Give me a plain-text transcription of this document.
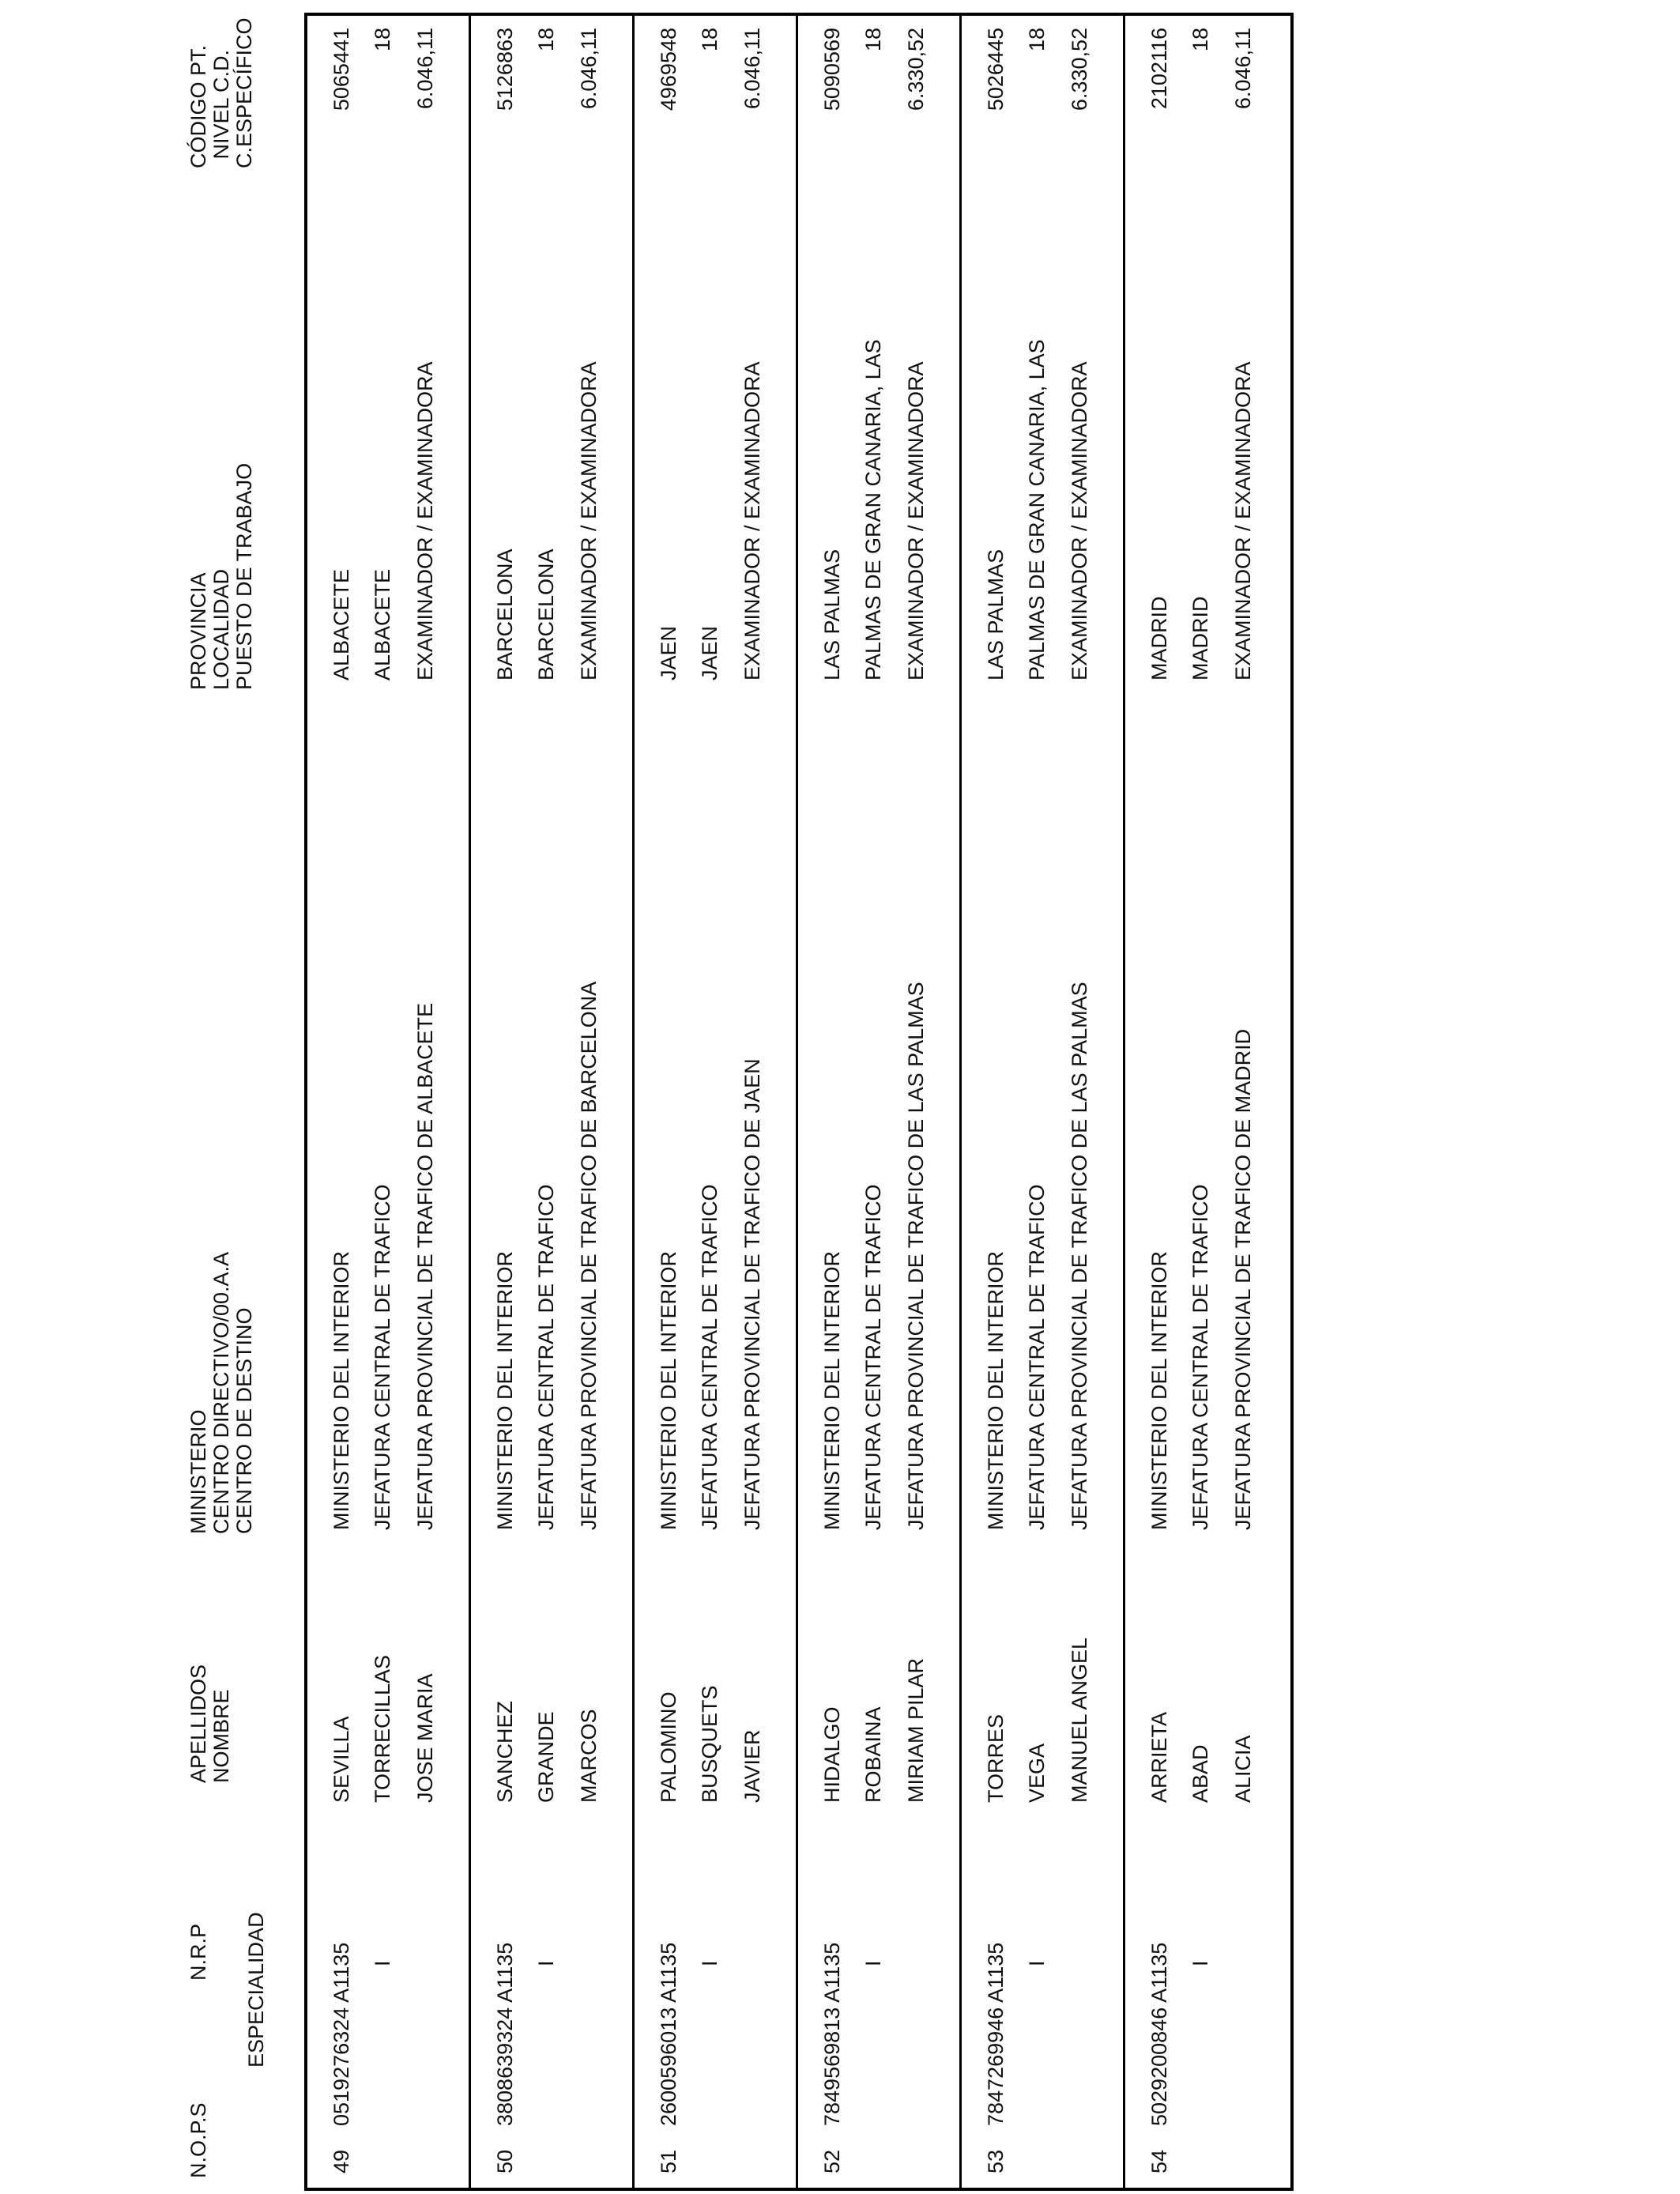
N.O.P.S
N.R.P ESPECIALIDAD
APELLIDOS NOMBRE
MINISTERIO CENTRO DIRECTIVO/00.A.A CENTRO DE DESTINO
PROVINCIA LOCALIDAD PUESTO DE TRABAJO
CÓDIGO PT. NIVEL C.D. C.ESPECÍFICO
49
0519276324 A1135 I
SEVILLA TORRECILLAS JOSE MARIA
MINISTERIO DEL INTERIOR JEFATURA CENTRAL DE TRAFICO JEFATURA PROVINCIAL DE TRAFICO DE ALBACETE
ALBACETE ALBACETE EXAMINADOR / EXAMINADORA
5065441 18 6.046,11
50
3808639324 A1135 I
SANCHEZ GRANDE MARCOS
MINISTERIO DEL INTERIOR JEFATURA CENTRAL DE TRAFICO JEFATURA PROVINCIAL DE TRAFICO DE BARCELONA
BARCELONA BARCELONA EXAMINADOR / EXAMINADORA
5126863 18 6.046,11
51
2600596013 A1135 I
PALOMINO BUSQUETS JAVIER
MINISTERIO DEL INTERIOR JEFATURA CENTRAL DE TRAFICO JEFATURA PROVINCIAL DE TRAFICO DE JAEN
JAEN JAEN EXAMINADOR / EXAMINADORA
4969548 18 6.046,11
52
7849569813 A1135 I
HIDALGO ROBAINA MIRIAM PILAR
MINISTERIO DEL INTERIOR JEFATURA CENTRAL DE TRAFICO JEFATURA PROVINCIAL DE TRAFICO DE LAS PALMAS
LAS PALMAS PALMAS DE GRAN CANARIA, LAS EXAMINADOR / EXAMINADORA
5090569 18 6.330,52
53
7847269946 A1135 I
TORRES VEGA MANUEL ANGEL
MINISTERIO DEL INTERIOR JEFATURA CENTRAL DE TRAFICO JEFATURA PROVINCIAL DE TRAFICO DE LAS PALMAS
LAS PALMAS PALMAS DE GRAN CANARIA, LAS EXAMINADOR / EXAMINADORA
5026445 18 6.330,52
54
5029200846 A1135 I
ARRIETA ABAD ALICIA
MINISTERIO DEL INTERIOR JEFATURA CENTRAL DE TRAFICO JEFATURA PROVINCIAL DE TRAFICO DE MADRID
MADRID MADRID EXAMINADOR / EXAMINADORA
2102116 18 6.046,11
